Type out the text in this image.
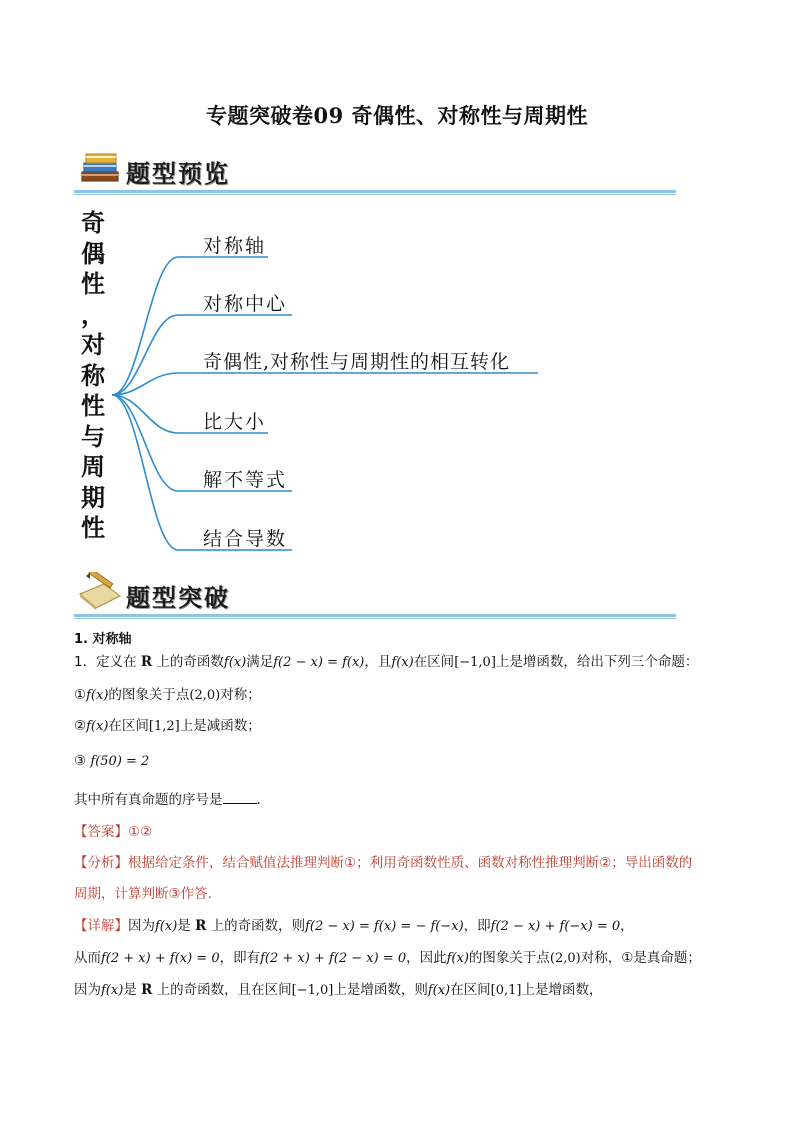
专题突破卷09 奇偶性、对称性与周期性
题型预览
奇
偶
性
，
对
称
性
与
周
期
性
对称轴
对称中心
奇偶性,对称性与周期性的相互转化
比大小
解不等式
结合导数
题型突破
1. 对称轴
1．定义在 R 上的奇函数f(x)满足f(2 − x) = f(x)，且f(x)在区间[−1,0]上是增函数，给出下列三个命题：
①f(x)的图象关于点(2,0)对称；
②f(x)在区间[1,2]上是减函数；
③ f(50) = 2
其中所有真命题的序号是	．
【答案】①②
【分析】根据给定条件，结合赋值法推理判断①；利用奇函数性质、函数对称性推理判断②；导出函数的
周期，计算判断③作答.
【详解】因为f(x)是 R 上的奇函数，则f(2 − x) = f(x) = − f(−x)，即f(2 − x) + f(−x) = 0，
从而f(2 + x) + f(x) = 0，即有f(2 + x) + f(2 − x) = 0，因此f(x)的图象关于点(2,0)对称，①是真命题；
因为f(x)是 R 上的奇函数，且在区间[−1,0]上是增函数，则f(x)在区间[0,1]上是增函数，
